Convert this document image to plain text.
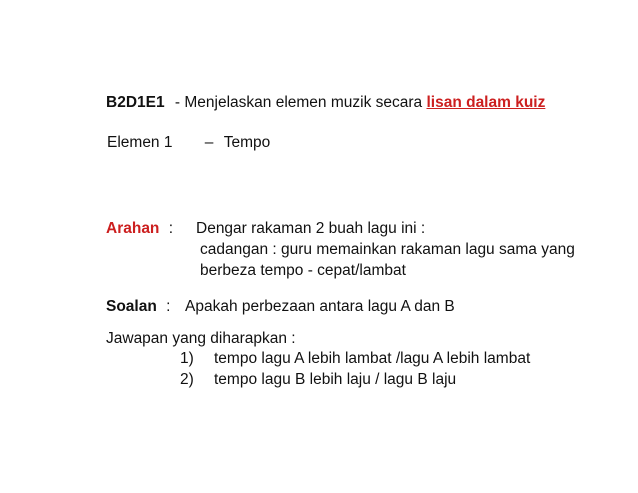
B2D1E1 - Menjelaskan elemen muzik secara lisan dalam kuiz
Elemen 1 – Tempo
Arahan : Dengar rakaman 2 buah lagu ini :
cadangan : guru memainkan rakaman lagu sama yang
berbeza tempo - cepat/lambat
Soalan : Apakah perbezaan antara lagu A dan B
Jawapan yang diharapkan :
1) tempo lagu A lebih lambat /lagu A lebih lambat
2) tempo lagu B lebih laju / lagu B laju
